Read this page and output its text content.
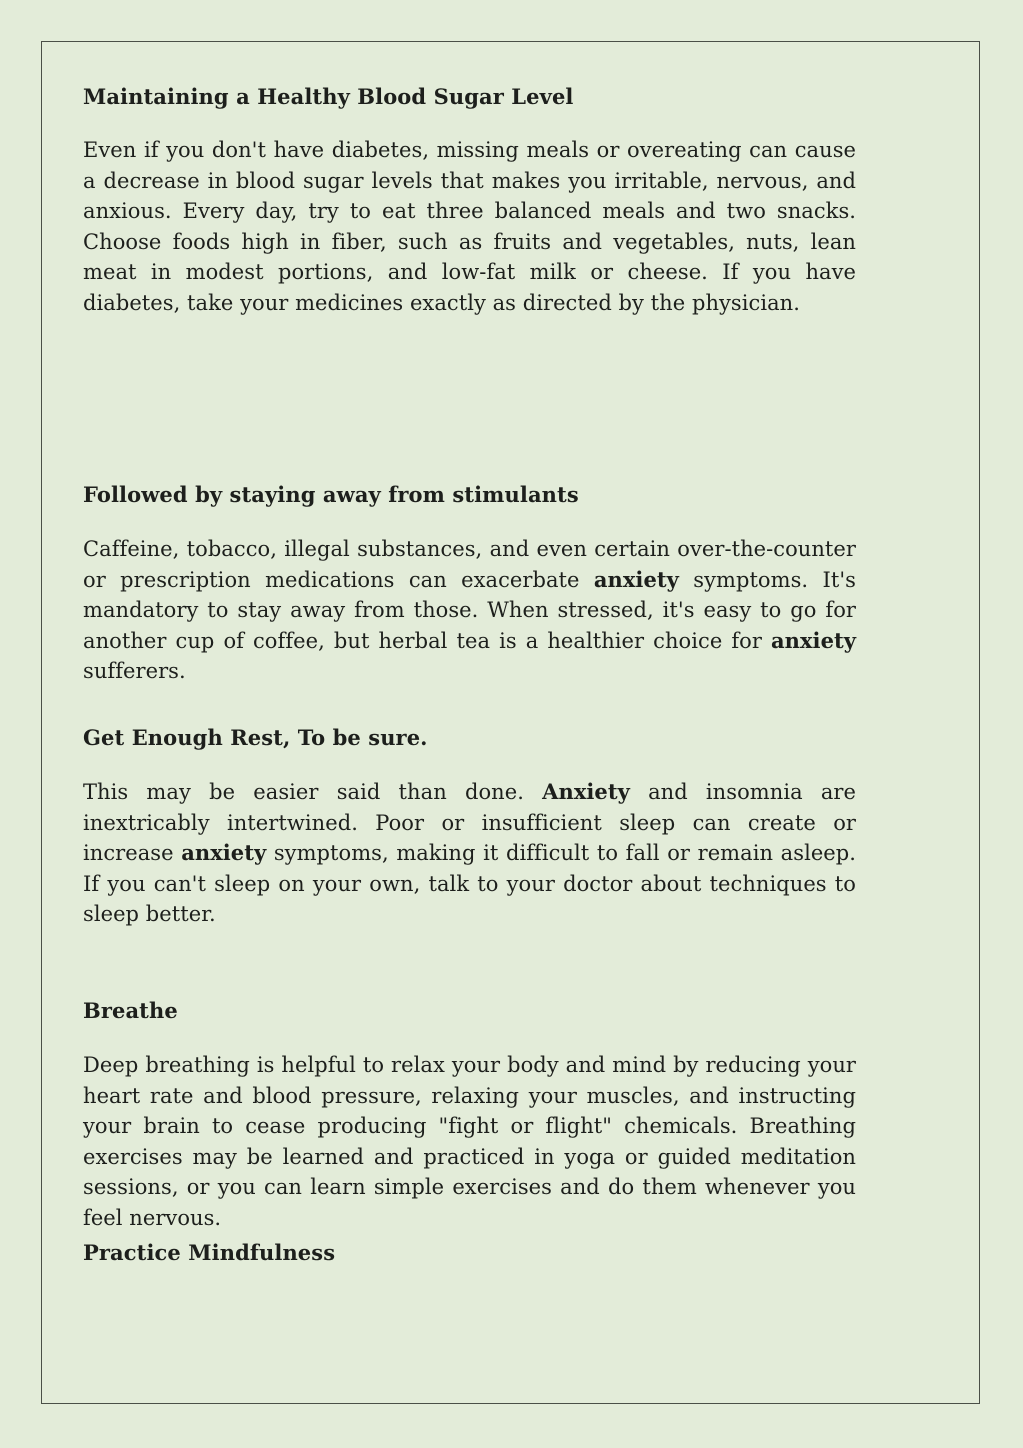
Maintaining a Healthy Blood Sugar Level

Even if you don't have diabetes, missing meals or overeating can cause a decrease in blood sugar levels that makes you irritable, nervous, and anxious. Every day, try to eat three balanced meals and two snacks. Choose foods high in fiber, such as fruits and vegetables, nuts, lean meat in modest portions, and low-fat milk or cheese. If you have diabetes, take your medicines exactly as directed by the physician.

Followed by staying away from stimulants

Caffeine, tobacco, illegal substances, and even certain over-the-counter or prescription medications can exacerbate anxiety symptoms. It's mandatory to stay away from those. When stressed, it's easy to go for another cup of coffee, but herbal tea is a healthier choice for anxiety sufferers.

Get Enough Rest, To be sure.

This may be easier said than done. Anxiety and insomnia are inextricably intertwined. Poor or insufficient sleep can create or increase anxiety symptoms, making it difficult to fall or remain asleep. If you can't sleep on your own, talk to your doctor about techniques to sleep better.

Breathe

Deep breathing is helpful to relax your body and mind by reducing your heart rate and blood pressure, relaxing your muscles, and instructing your brain to cease producing "fight or flight" chemicals. Breathing exercises may be learned and practiced in yoga or guided meditation sessions, or you can learn simple exercises and do them whenever you feel nervous.

Practice Mindfulness
